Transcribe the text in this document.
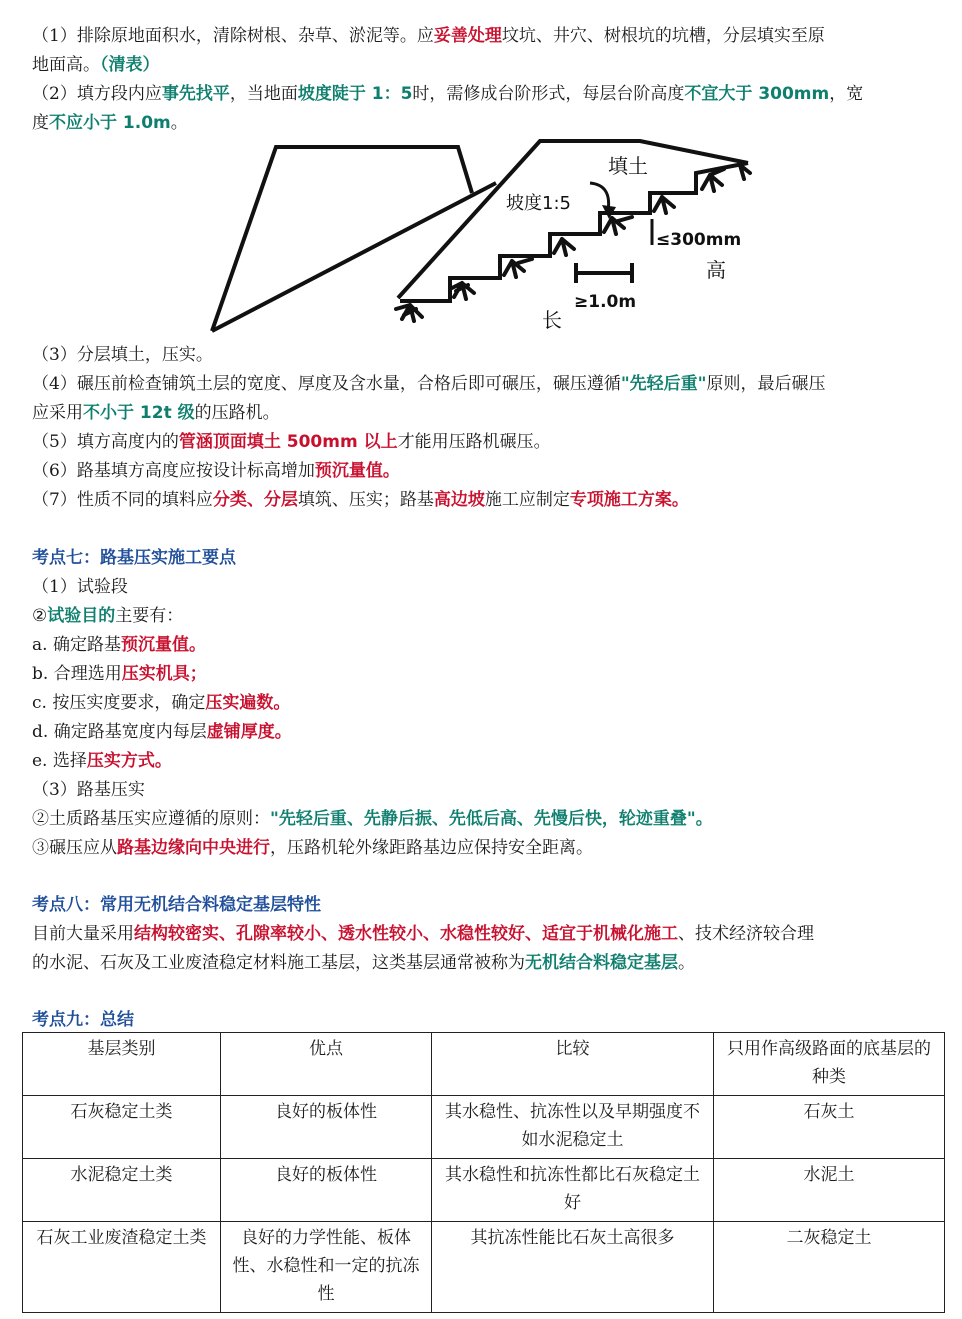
（1）排除原地面积水，清除树根、杂草、淤泥等。应妥善处理坟坑、井穴、树根坑的坑槽，分层填实至原
地面高。（清表）
（2）填方段内应事先找平，当地面坡度陡于 1：5时，需修成台阶形式，每层台阶高度不宜大于 300mm，宽
度不应小于 1.0m。
填土
坡度1:5
≤300mm
高
≥1.0m
长
（3）分层填土，压实。
（4）碾压前检查铺筑土层的宽度、厚度及含水量，合格后即可碾压，碾压遵循"先轻后重"原则，最后碾压
应采用不小于 12t 级的压路机。
（5）填方高度内的管涵顶面填土 500mm 以上才能用压路机碾压。
（6）路基填方高度应按设计标高增加预沉量值。
（7）性质不同的填料应分类、分层填筑、压实；路基高边坡施工应制定专项施工方案。
考点七：路基压实施工要点
（1）试验段
②试验目的主要有：
a. 确定路基预沉量值。
b. 合理选用压实机具；
c. 按压实度要求，确定压实遍数。
d. 确定路基宽度内每层虚铺厚度。
e. 选择压实方式。
（3）路基压实
②土质路基压实应遵循的原则："先轻后重、先静后振、先低后高、先慢后快，轮迹重叠"。
③碾压应从路基边缘向中央进行，压路机轮外缘距路基边应保持安全距离。
考点八：常用无机结合料稳定基层特性
目前大量采用结构较密实、孔隙率较小、透水性较小、水稳性较好、适宜于机械化施工、技术经济较合理
的水泥、石灰及工业废渣稳定材料施工基层，这类基层通常被称为无机结合料稳定基层。
考点九：总结
基层类别	优点	比较	只用作高级路面的底基层的种类
石灰稳定土类	良好的板体性	其水稳性、抗冻性以及早期强度不如水泥稳定土	石灰土
水泥稳定土类	良好的板体性	其水稳性和抗冻性都比石灰稳定土好	水泥土
石灰工业废渣稳定土类	良好的力学性能、板体性、水稳性和一定的抗冻性	其抗冻性能比石灰土高很多	二灰稳定土
